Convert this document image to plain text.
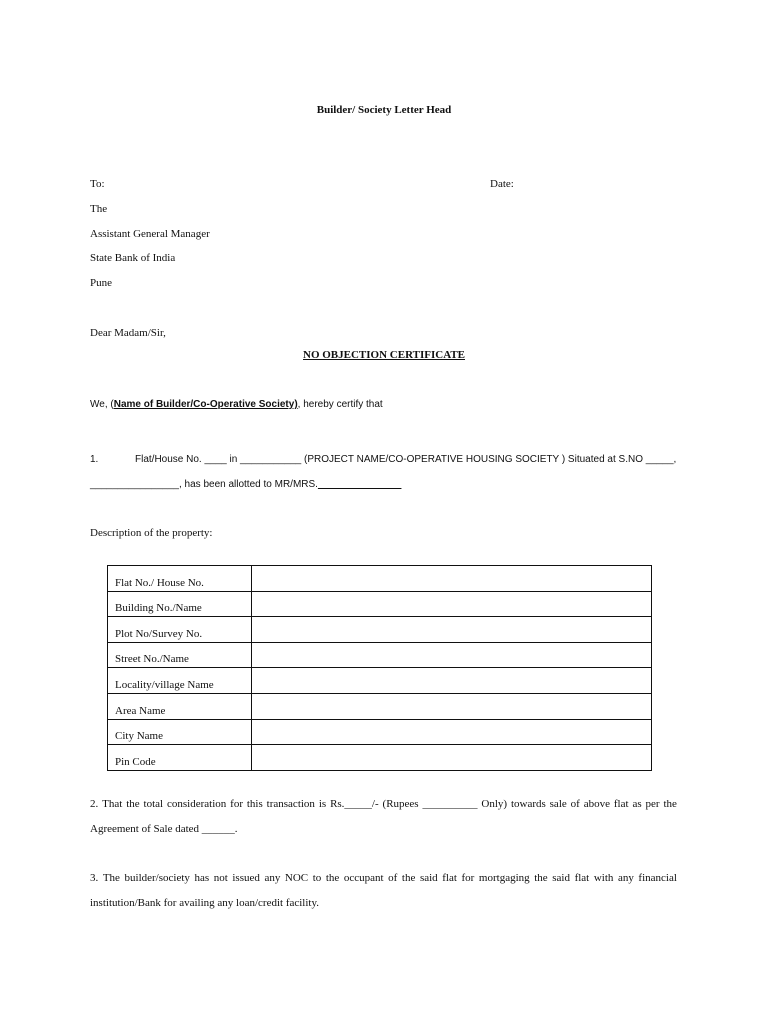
Builder/ Society Letter Head
To:	Date:
The
Assistant General Manager
State Bank of India
Pune
Dear Madam/Sir,
NO OBJECTION CERTIFICATE
We, (Name of Builder/Co-Operative Society), hereby certify that
1.	Flat/House No. ____ in ___________ (PROJECT NAME/CO-OPERATIVE HOUSING SOCIETY ) Situated at S.NO _____,
________________, has been allotted to MR/MRS._______________
Description of the property:
Flat No./ House No.	
Building No./Name	
Plot No/Survey No.	
Street No./Name	
Locality/village Name	
Area Name	
City Name	
Pin Code	
2. That the total consideration for this transaction is Rs._____/- (Rupees __________ Only) towards sale of above flat as per the
Agreement of Sale dated ______.
3. The builder/society has not issued any NOC to the occupant of the said flat for mortgaging the said flat with any financial
institution/Bank for availing any loan/credit facility.
